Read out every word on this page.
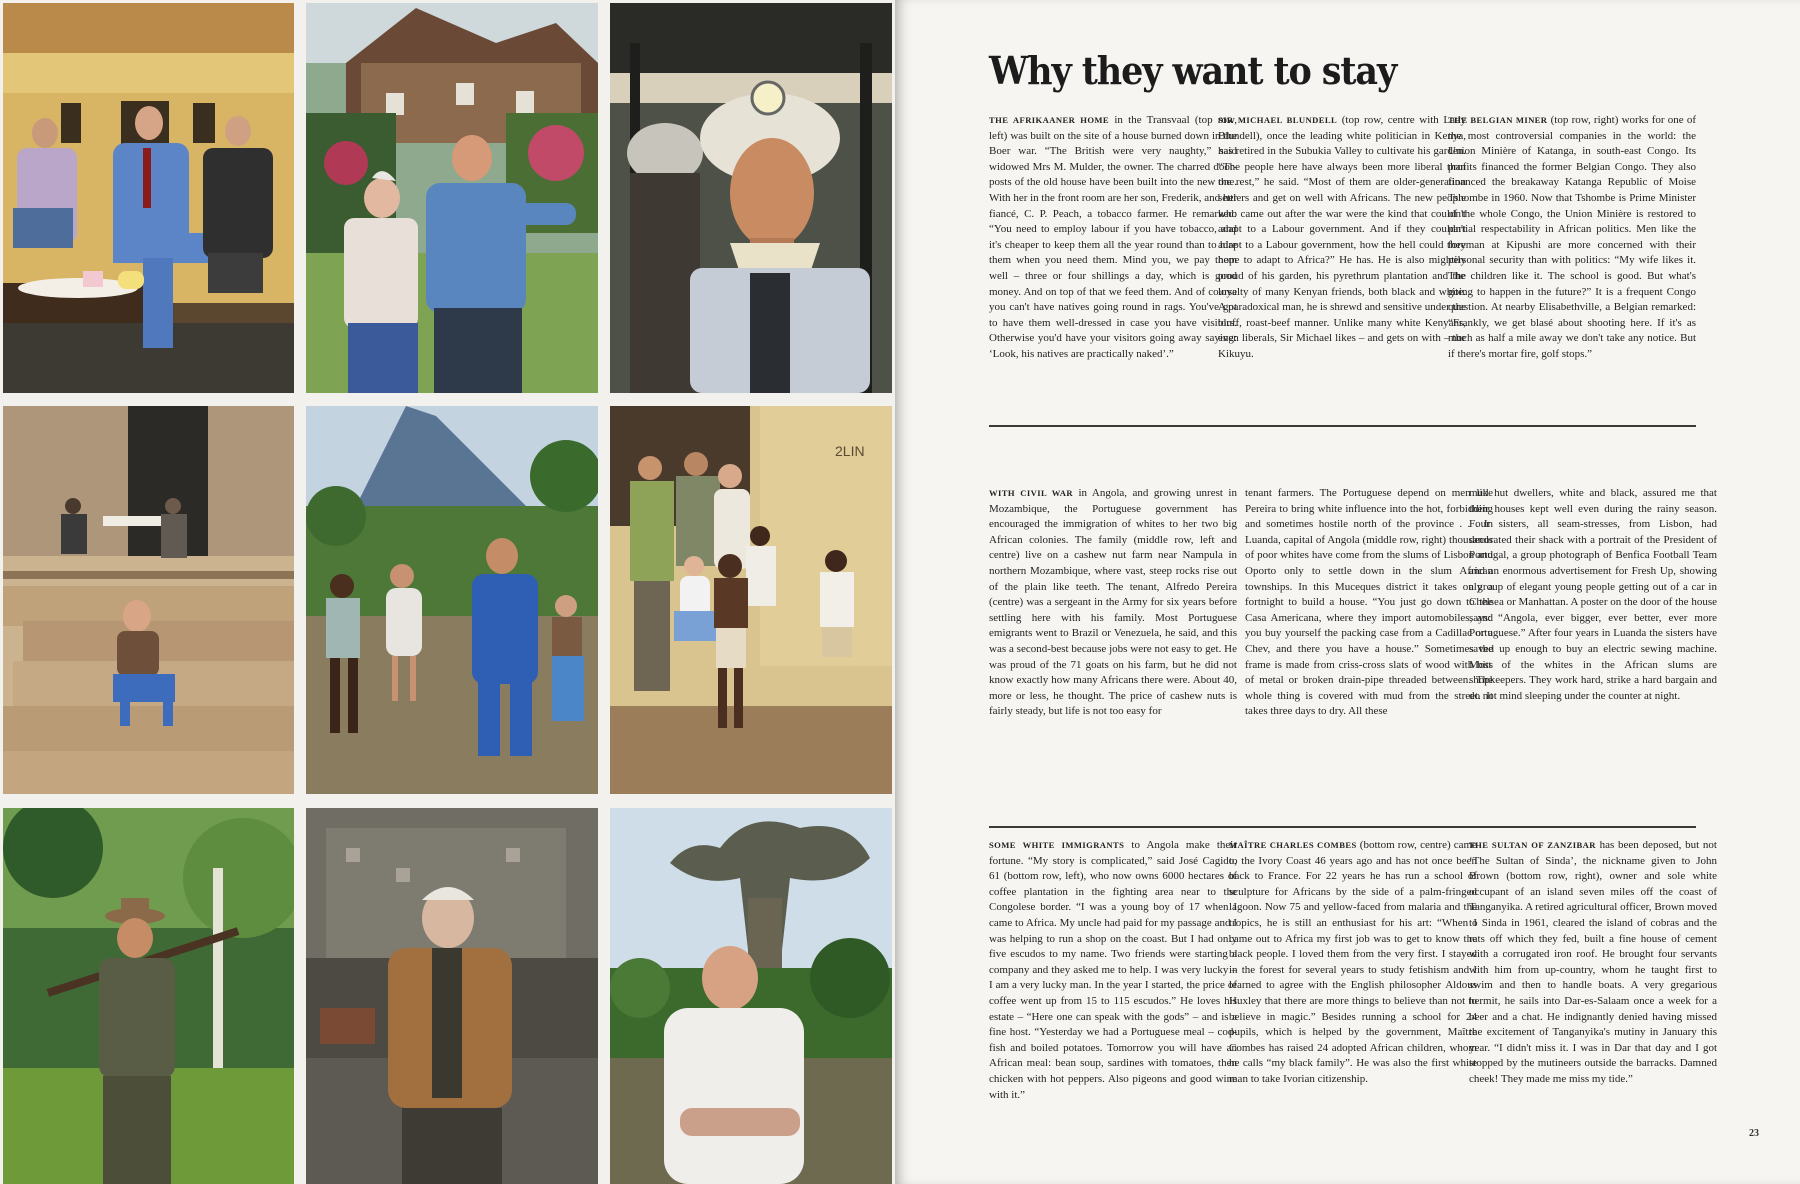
2LIN
Why they want to stay
THE AFRIKAANER HOME in the Transvaal (top row, left) was built on the site of a house burned down in the Boer war. “The British were very naughty,” said widowed Mrs M. Mulder, the owner. The charred door-posts of the old house have been built into the new one. With her in the front room are her son, Frederik, and her fiancé, C. P. Peach, a tobacco farmer. He remarked: “You need to employ labour if you have tobacco, and it's cheaper to keep them all the year round than to hire them when you need them. Mind you, we pay them well – three or four shillings a day, which is good money. And on top of that we feed them. And of course you can't have natives going round in rags. You've got to have them well-dressed in case you have visitors. Otherwise you'd have your visitors going away saying: ‘Look, his natives are practically naked’.”
SIR MICHAEL BLUNDELL (top row, centre with Lady Blundell), once the leading white politician in Kenya, has retired in the Subukia Valley to cultivate his garden. “The people here have always been more liberal than the rest,” he said. “Most of them are older-generation settlers and get on well with Africans. The new people who came out after the war were the kind that couldn't adapt to a Labour government. And if they couldn't adapt to a Labour government, how the hell could they hope to adapt to Africa?” He has. He is also mightily proud of his garden, his pyrethrum plantation and the loyalty of many Kenyan friends, both black and white. A paradoxical man, he is shrewd and sensitive under the bluff, roast-beef manner. Unlike many white Kenyans, even liberals, Sir Michael likes – and gets on with – the Kikuyu.
THE BELGIAN MINER (top row, right) works for one of the most controversial companies in the world: the Union Minière of Katanga, in south-east Congo. Its profits financed the former Belgian Congo. They also financed the breakaway Katanga Republic of Moise Tshombe in 1960. Now that Tshombe is Prime Minister of the whole Congo, the Union Minière is restored to partial respectability in African politics. Men like the foreman at Kipushi are more concerned with their personal security than with politics: “My wife likes it. The children like it. The school is good. But what's going to happen in the future?” It is a frequent Congo question. At nearby Elisabethville, a Belgian remarked: “Frankly, we get blasé about shooting here. If it's as much as half a mile away we don't take any notice. But if there's mortar fire, golf stops.”
WITH CIVIL WAR in Angola, and growing unrest in Mozambique, the Portuguese government has encouraged the immigration of whites to her two big African colonies. The family (middle row, left and centre) live on a cashew nut farm near Nampula in northern Mozambique, where vast, steep rocks rise out of the plain like teeth. The tenant, Alfredo Pereira (centre) was a sergeant in the Army for six years before settling here with his family. Most Portuguese emigrants went to Brazil or Venezuela, he said, and this was a second-best because jobs were not easy to get. He was proud of the 71 goats on his farm, but he did not know exactly how many Africans there were. About 40, more or less, he thought. The price of cashew nuts is fairly steady, but life is not too easy for
tenant farmers. The Portuguese depend on men like Pereira to bring white influence into the hot, forbidding and sometimes hostile north of the province . . . In Luanda, capital of Angola (middle row, right) thousands of poor whites have come from the slums of Lisbon and Oporto only to settle down in the slum African townships. In this Muceques district it takes only a fortnight to build a house. “You just go down to the Casa Americana, where they import automobiles, and you buy yourself the packing case from a Cadillac or a Chev, and there you have a house.” Sometimes the frame is made from criss-cross slats of wood with bits of metal or broken drain-pipe threaded between. The whole thing is covered with mud from the street. It takes three days to dry. All these
mud hut dwellers, white and black, assured me that their houses kept well even during the rainy season. Four sisters, all seam-stresses, from Lisbon, had decorated their shack with a portrait of the President of Portugal, a group photograph of Benfica Football Team and an enormous advertisement for Fresh Up, showing a group of elegant young people getting out of a car in Chelsea or Manhattan. A poster on the door of the house says: “Angola, ever bigger, ever better, ever more Portuguese.” After four years in Luanda the sisters have saved up enough to buy an electric sewing machine. Most of the whites in the African slums are shopkeepers. They work hard, strike a hard bargain and do not mind sleeping under the counter at night.
SOME WHITE IMMIGRANTS to Angola make their fortune. “My story is complicated,” said José Cagido, 61 (bottom row, left), who now owns 6000 hectares of coffee plantation in the fighting area near to the Congolese border. “I was a young boy of 17 when I came to Africa. My uncle had paid for my passage and I was helping to run a shop on the coast. But I had only five escudos to my name. Two friends were starting a company and they asked me to help. I was very lucky – I am a very lucky man. In the year I started, the price of coffee went up from 15 to 115 escudos.” He loves his estate – “Here one can speak with the gods” – and is a fine host. “Yesterday we had a Portuguese meal – cod-fish and boiled potatoes. Tomorrow you will have an African meal: bean soup, sardines with tomatoes, then chicken with hot peppers. Also pigeons and good wine with it.”
MAÎTRE CHARLES COMBES (bottom row, centre) came to the Ivory Coast 46 years ago and has not once been back to France. For 22 years he has run a school of sculpture for Africans by the side of a palm-fringed lagoon. Now 75 and yellow-faced from malaria and the tropics, he is still an enthusiast for his art: “When I came out to Africa my first job was to get to know the black people. I loved them from the very first. I stayed in the forest for several years to study fetishism and I learned to agree with the English philosopher Aldous Huxley that there are more things to believe than not to believe in magic.” Besides running a school for 24 pupils, which is helped by the government, Maître Combes has raised 24 adopted African children, whom he calls “my black family”. He was also the first white man to take Ivorian citizenship.
THE SULTAN OF ZANZIBAR has been deposed, but not ‘The Sultan of Sinda’, the nickname given to John Brown (bottom row, right), owner and sole white occupant of an island seven miles off the coast of Tanganyika. A retired agricultural officer, Brown moved to Sinda in 1961, cleared the island of cobras and the rats off which they fed, built a fine house of cement with a corrugated iron roof. He brought four servants with him from up-country, whom he taught first to swim and then to handle boats. A very gregarious hermit, he sails into Dar-es-Salaam once a week for a beer and a chat. He indignantly denied having missed the excitement of Tanganyika's mutiny in January this year. “I didn't miss it. I was in Dar that day and I got stopped by the mutineers outside the barracks. Damned cheek! They made me miss my tide.”
23
